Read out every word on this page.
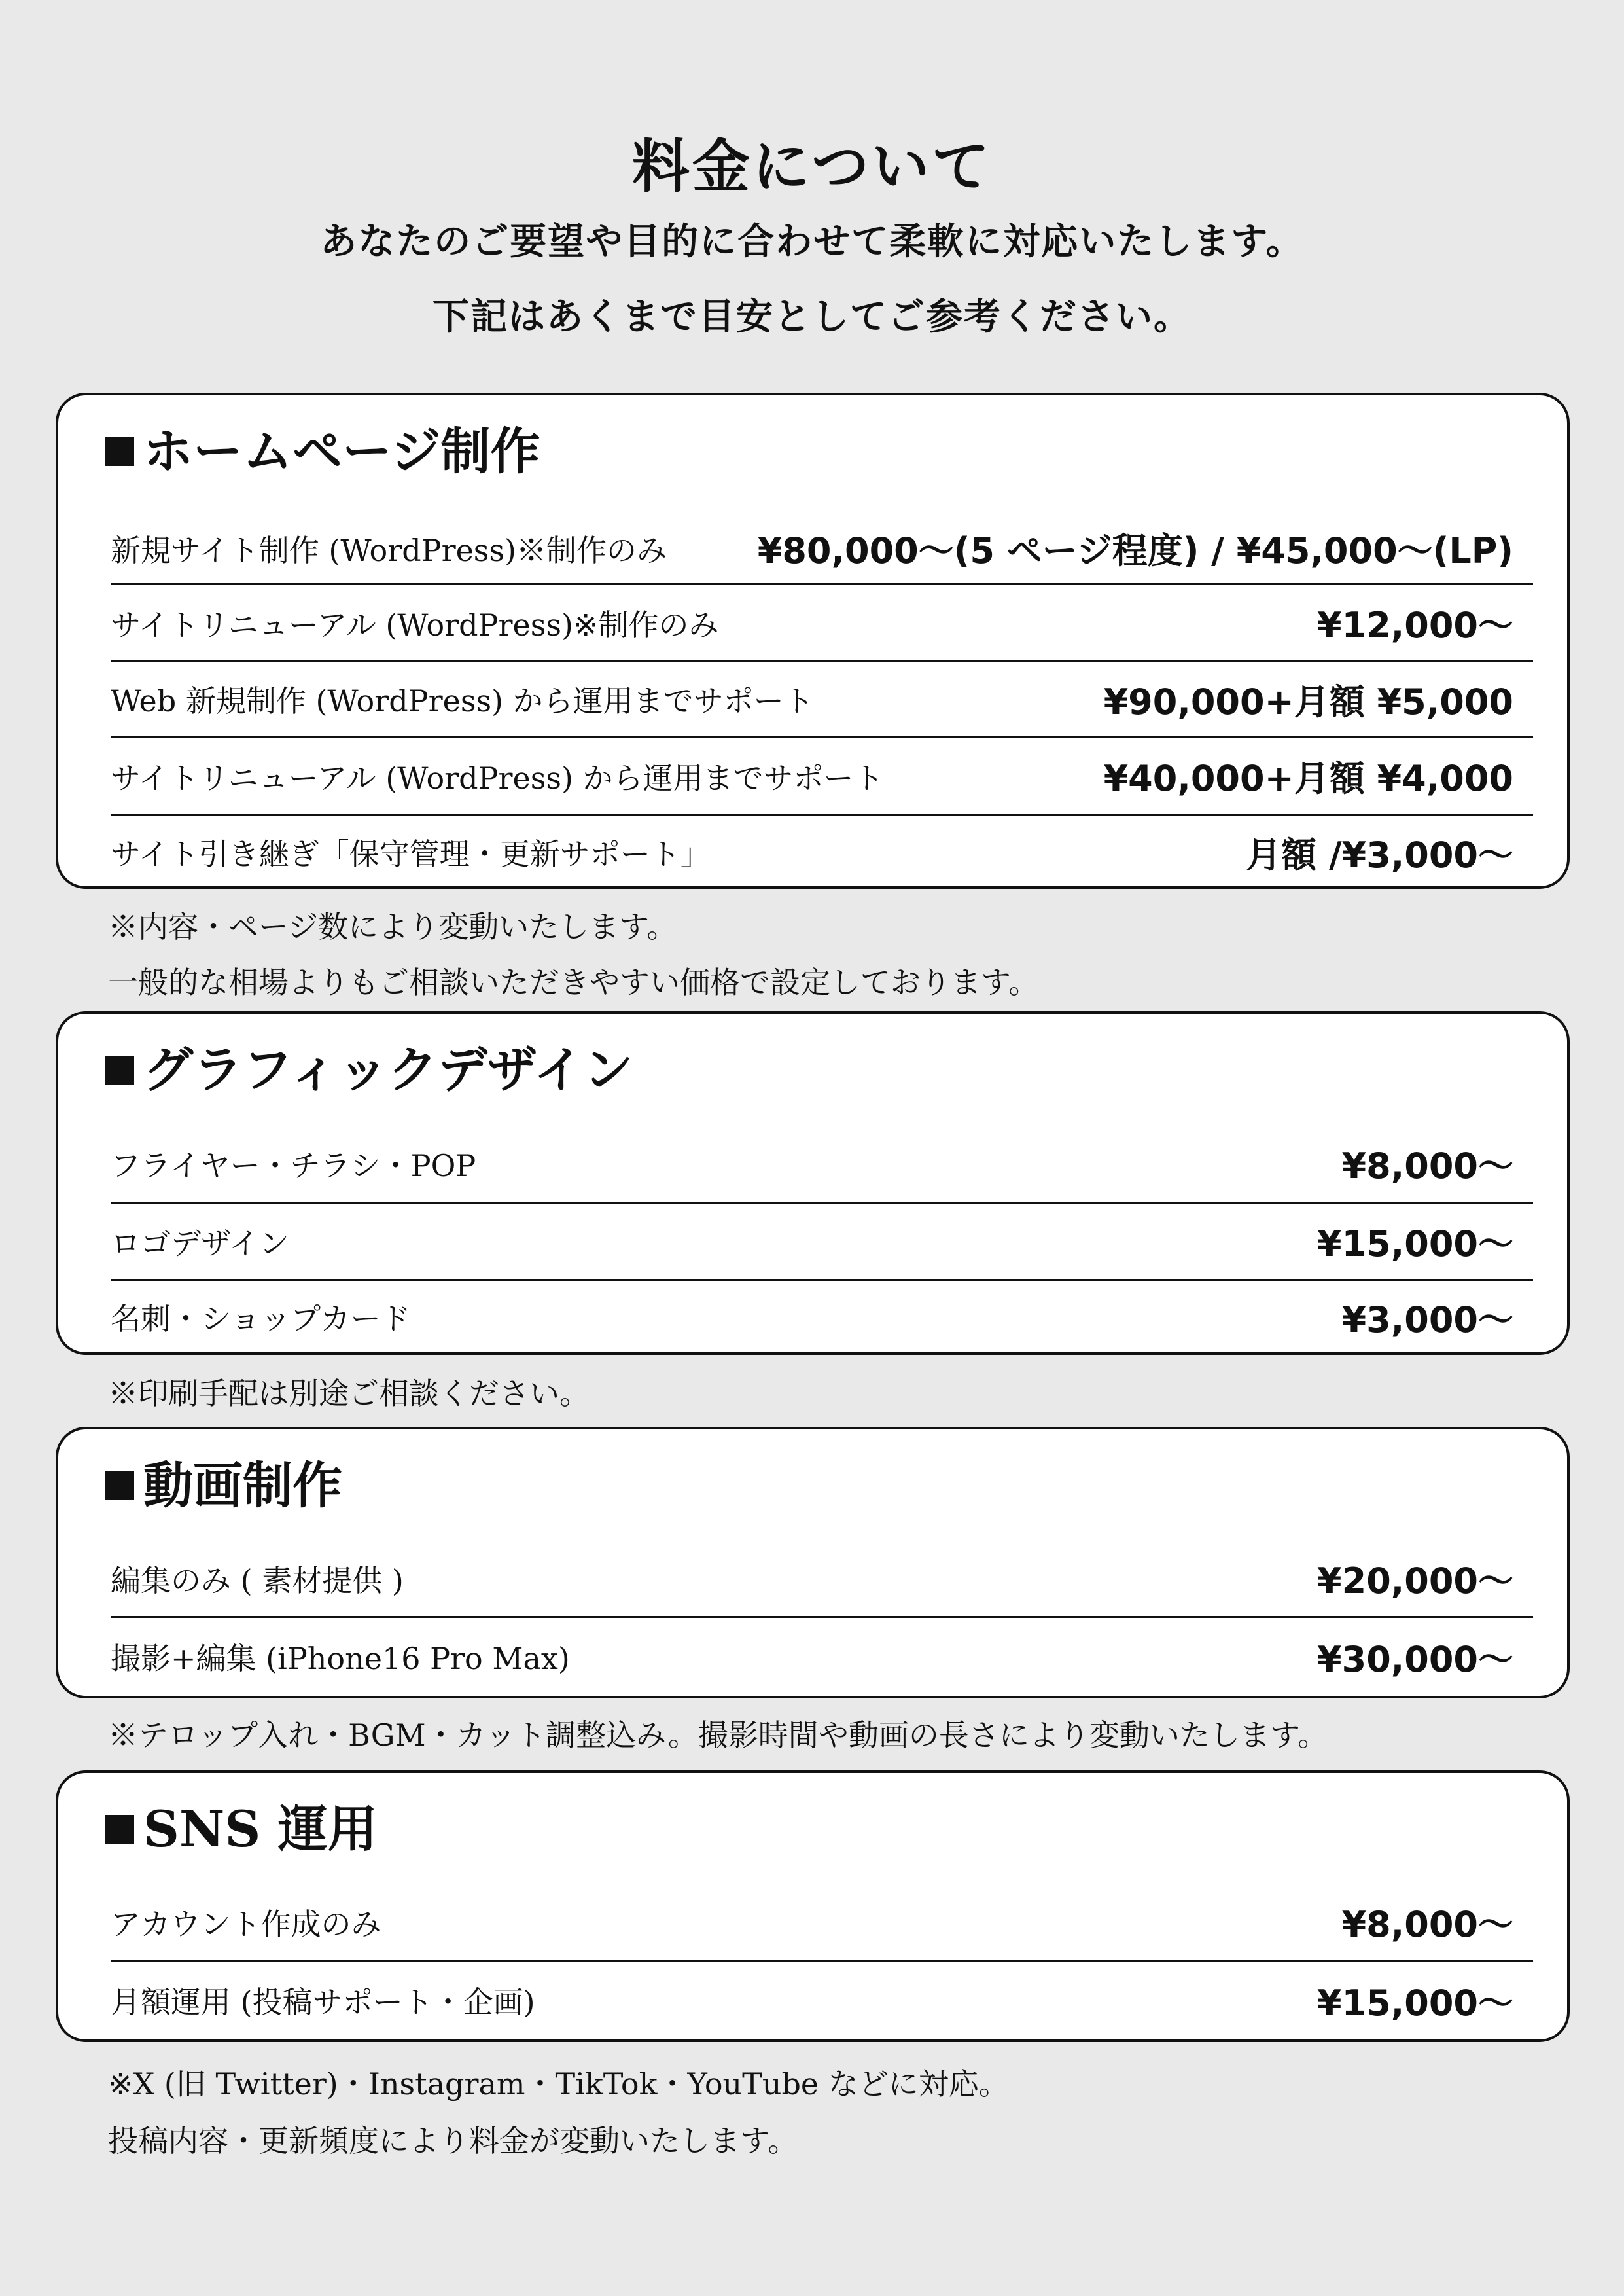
料金について
あなたのご要望や目的に合わせて柔軟に対応いたします。
下記はあくまで目安としてご参考ください。
ホームページ制作
新規サイト制作 (WordPress)※制作のみ	¥80,000〜(5 ページ程度) / ¥45,000〜(LP)
サイトリニューアル (WordPress)※制作のみ	¥12,000〜
Web 新規制作 (WordPress) から運用までサポート	¥90,000+月額 ¥5,000
サイトリニューアル (WordPress) から運用までサポート	¥40,000+月額 ¥4,000
サイト引き継ぎ「保守管理・更新サポート」	月額 /¥3,000〜
※内容・ページ数により変動いたします。
一般的な相場よりもご相談いただきやすい価格で設定しております。
グラフィックデザイン
フライヤー・チラシ・POP	¥8,000〜
ロゴデザイン	¥15,000〜
名刺・ショップカード	¥3,000〜
※印刷手配は別途ご相談ください。
動画制作
編集のみ ( 素材提供 )	¥20,000〜
撮影+編集 (iPhone16 Pro Max)	¥30,000〜
※テロップ入れ・BGM・カット調整込み。撮影時間や動画の長さにより変動いたします。
SNS 運用
アカウント作成のみ	¥8,000〜
月額運用 (投稿サポート・企画)	¥15,000〜
※X (旧 Twitter)・Instagram・TikTok・YouTube などに対応。
投稿内容・更新頻度により料金が変動いたします。
